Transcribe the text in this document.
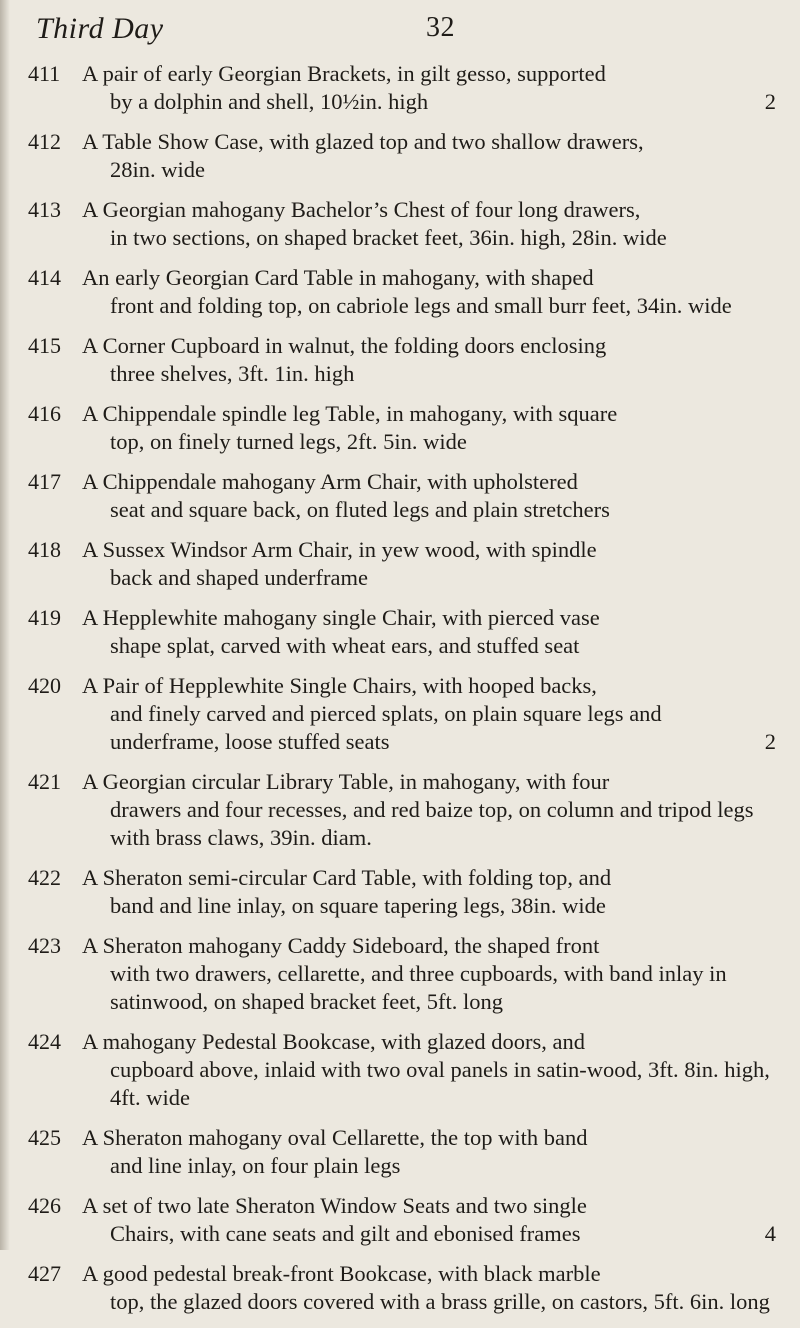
Third Day	32
411 A pair of early Georgian Brackets, in gilt gesso, supported
by a dolphin and shell, 10½in. high	2
412 A Table Show Case, with glazed top and two shallow drawers,
28in. wide
413 A Georgian mahogany Bachelor’s Chest of four long drawers,
in two sections, on shaped bracket feet, 36in. high, 28in. wide
414 An early Georgian Card Table in mahogany, with shaped
front and folding top, on cabriole legs and small burr feet, 34in. wide
415 A Corner Cupboard in walnut, the folding doors enclosing
three shelves, 3ft. 1in. high
416 A Chippendale spindle leg Table, in mahogany, with square
top, on finely turned legs, 2ft. 5in. wide
417 A Chippendale mahogany Arm Chair, with upholstered
seat and square back, on fluted legs and plain stretchers
418 A Sussex Windsor Arm Chair, in yew wood, with spindle
back and shaped underframe
419 A Hepplewhite mahogany single Chair, with pierced vase
shape splat, carved with wheat ears, and stuffed seat
420 A Pair of Hepplewhite Single Chairs, with hooped backs,
and finely carved and pierced splats, on plain square legs and underframe, loose stuffed seats	2
421 A Georgian circular Library Table, in mahogany, with four
drawers and four recesses, and red baize top, on column and tripod legs with brass claws, 39in. diam.
422 A Sheraton semi-circular Card Table, with folding top, and
band and line inlay, on square tapering legs, 38in. wide
423 A Sheraton mahogany Caddy Sideboard, the shaped front
with two drawers, cellarette, and three cupboards, with band inlay in satinwood, on shaped bracket feet, 5ft. long
424 A mahogany Pedestal Bookcase, with glazed doors, and
cupboard above, inlaid with two oval panels in satin-wood, 3ft. 8in. high, 4ft. wide
425 A Sheraton mahogany oval Cellarette, the top with band
and line inlay, on four plain legs
426 A set of two late Sheraton Window Seats and two single
Chairs, with cane seats and gilt and ebonised frames	4
427 A good pedestal break-front Bookcase, with black marble
top, the glazed doors covered with a brass grille, on castors, 5ft. 6in. long
